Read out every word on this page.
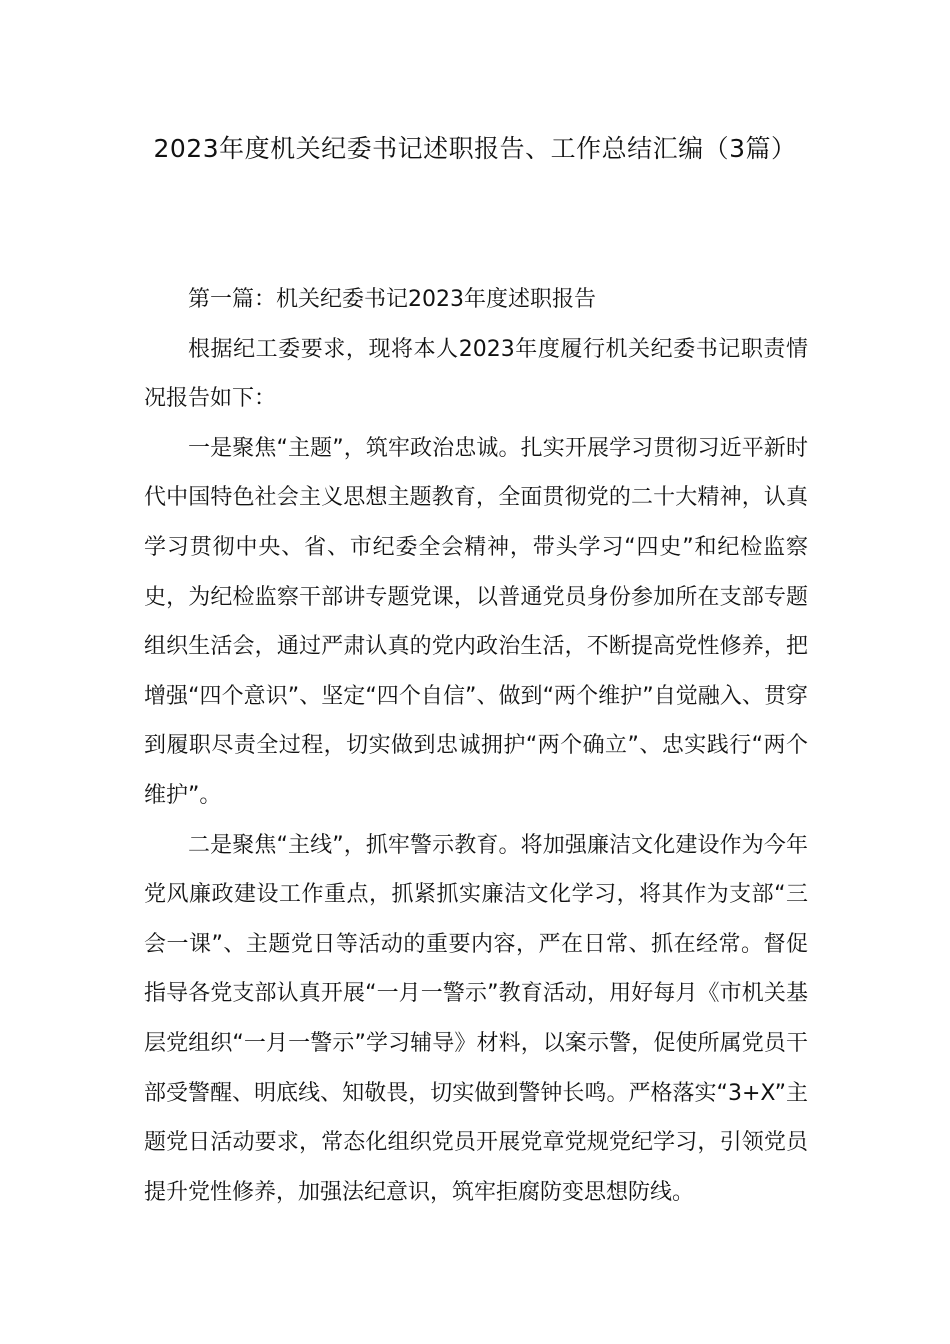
2023年度机关纪委书记述职报告、工作总结汇编（3篇）

第一篇：机关纪委书记2023年度述职报告

根据纪工委要求，现将本人2023年度履行机关纪委书记职责情况报告如下：

一是聚焦“主题”，筑牢政治忠诚。扎实开展学习贯彻习近平新时代中国特色社会主义思想主题教育，全面贯彻党的二十大精神，认真学习贯彻中央、省、市纪委全会精神，带头学习“四史”和纪检监察史，为纪检监察干部讲专题党课，以普通党员身份参加所在支部专题组织生活会，通过严肃认真的党内政治生活，不断提高党性修养，把增强“四个意识”、坚定“四个自信”、做到“两个维护”自觉融入、贯穿到履职尽责全过程，切实做到忠诚拥护“两个确立”、忠实践行“两个维护”。

二是聚焦“主线”，抓牢警示教育。将加强廉洁文化建设作为今年党风廉政建设工作重点，抓紧抓实廉洁文化学习，将其作为支部“三会一课”、主题党日等活动的重要内容，严在日常、抓在经常。督促指导各党支部认真开展“一月一警示”教育活动，用好每月《市机关基层党组织“一月一警示”学习辅导》材料，以案示警，促使所属党员干部受警醒、明底线、知敬畏，切实做到警钟长鸣。严格落实“3+X”主题党日活动要求，常态化组织党员开展党章党规党纪学习，引领党员提升党性修养，加强法纪意识，筑牢拒腐防变思想防线。
